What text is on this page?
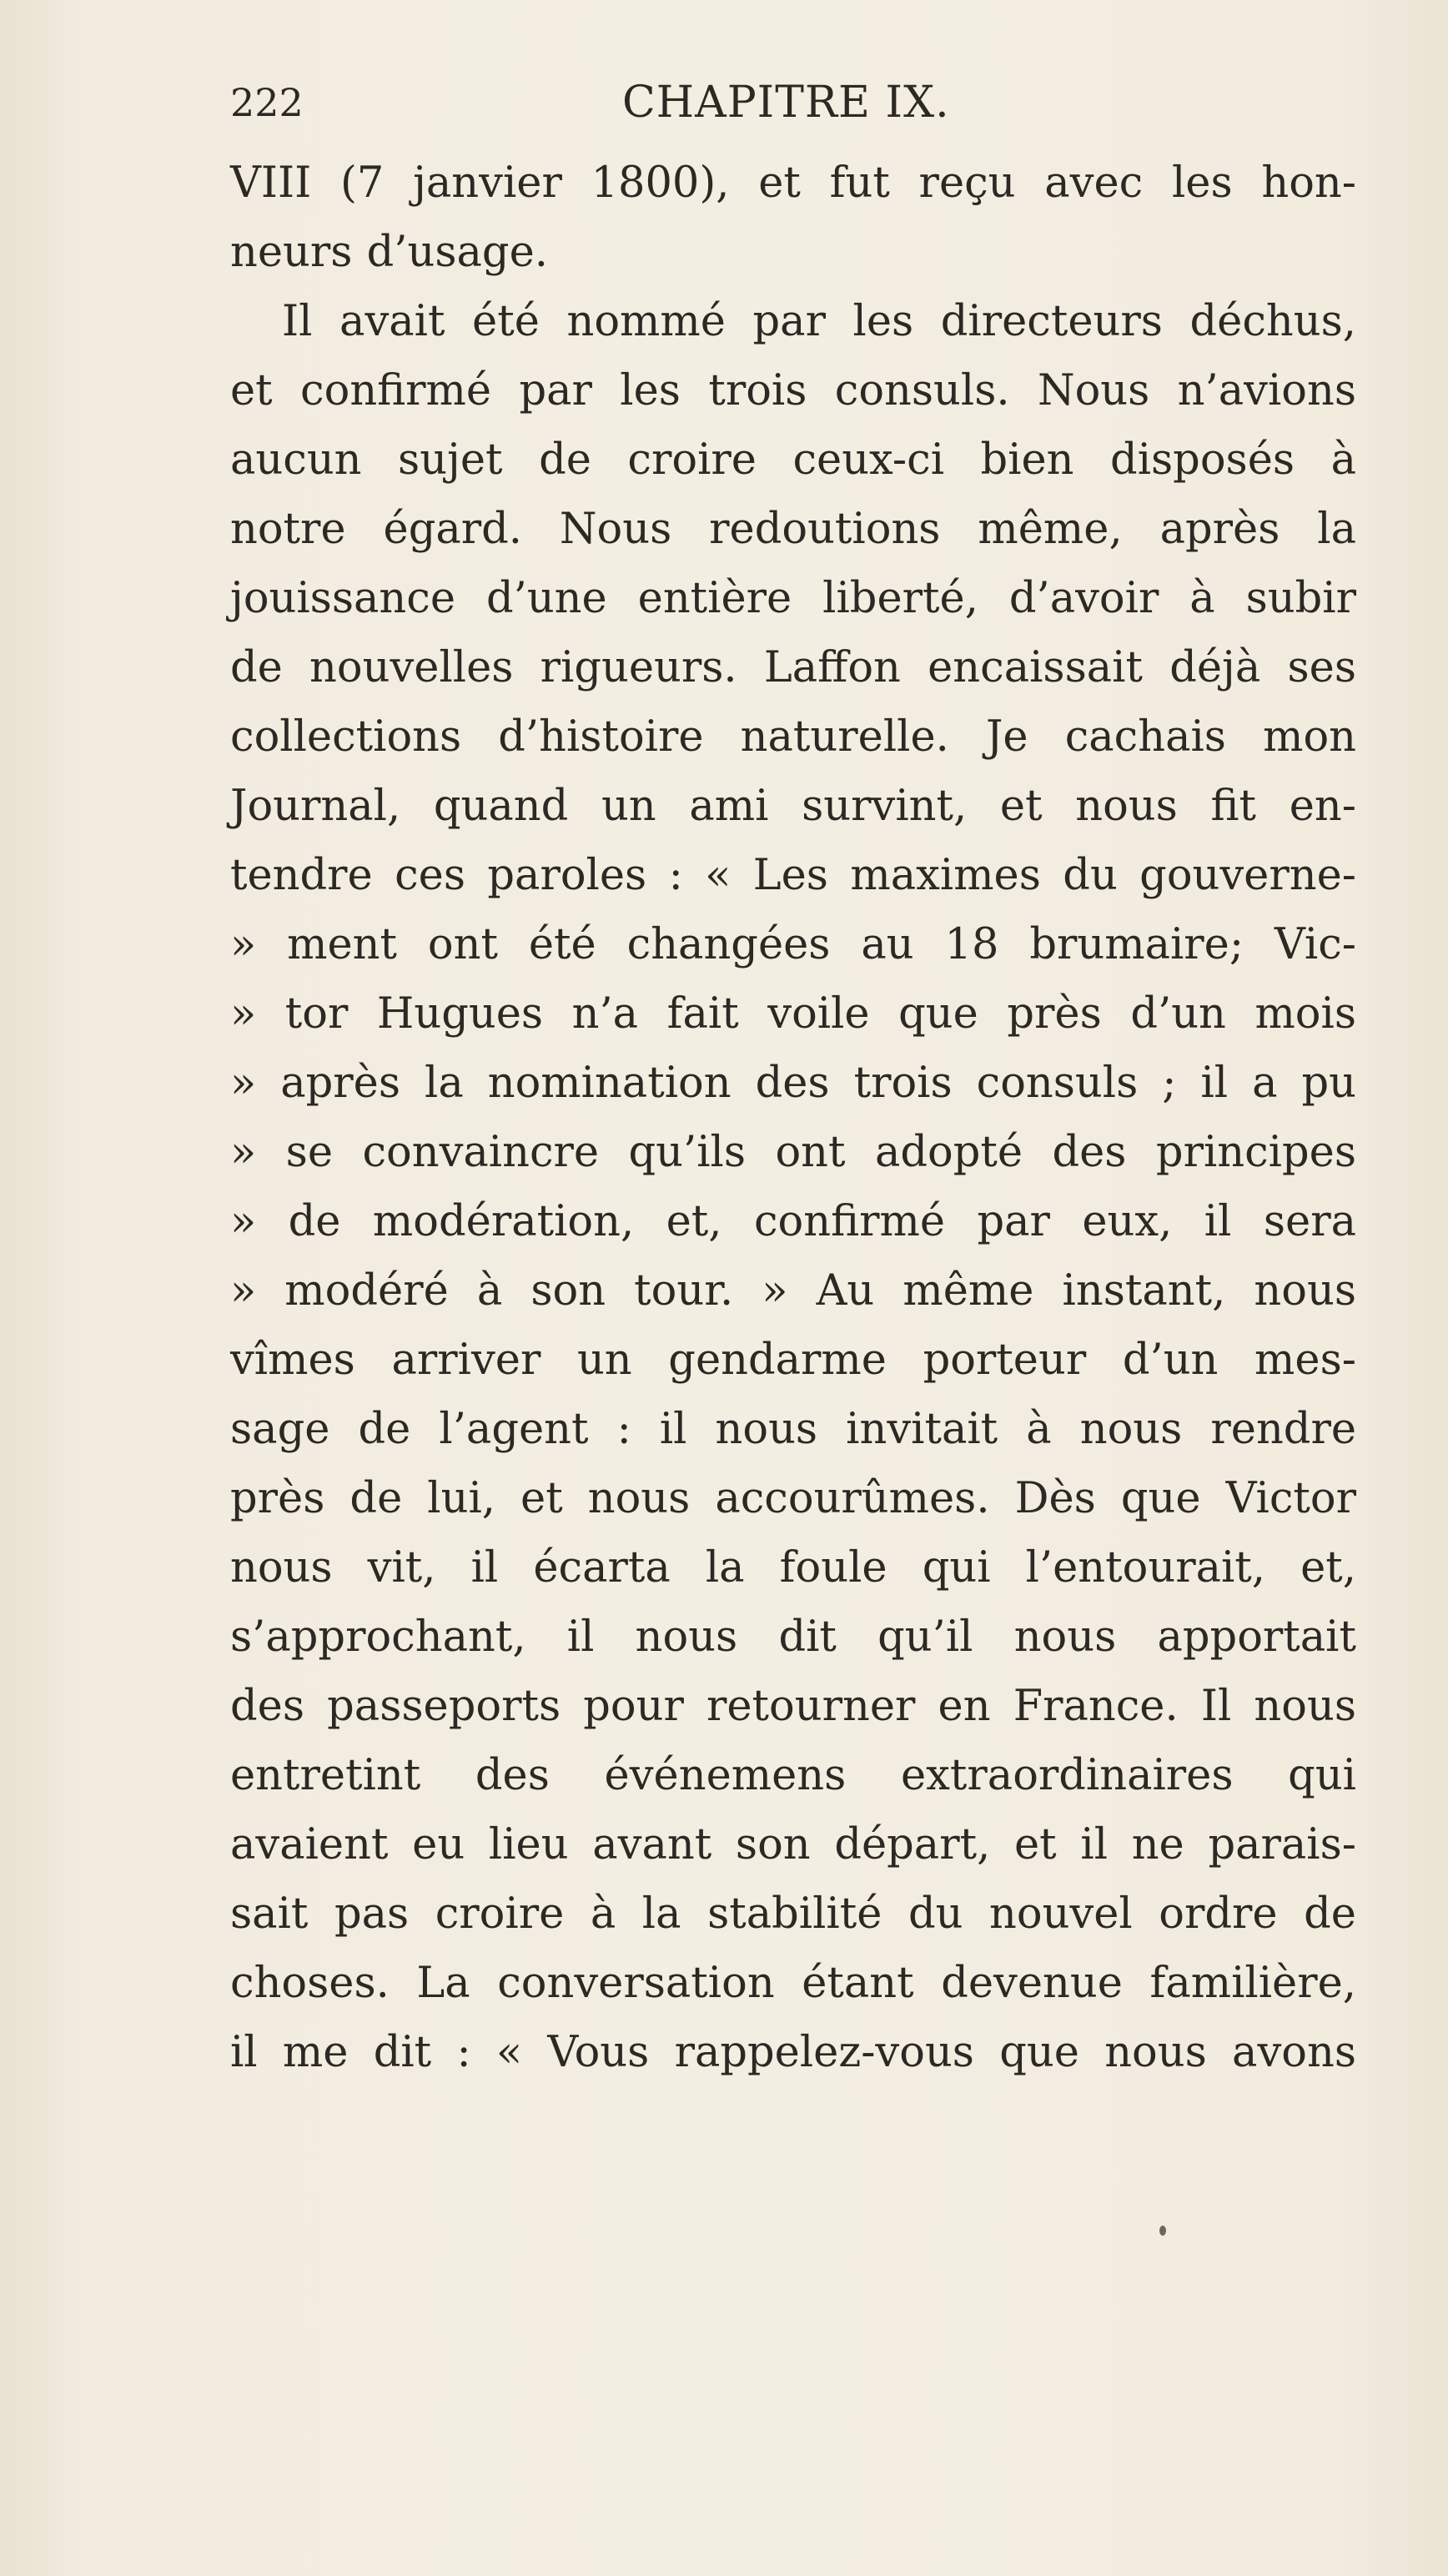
222	CHAPITRE IX.
VIII (7 janvier 1800), et fut reçu avec les hon-
neurs d’usage.
Il avait été nommé par les directeurs déchus,
et confirmé par les trois consuls. Nous n’avions
aucun sujet de croire ceux-ci bien disposés à
notre égard. Nous redoutions même, après la
jouissance d’une entière liberté, d’avoir à subir
de nouvelles rigueurs. Laffon encaissait déjà ses
collections d’histoire naturelle. Je cachais mon
Journal, quand un ami survint, et nous fit en-
tendre ces paroles : « Les maximes du gouverne-
» ment ont été changées au 18 brumaire; Vic-
» tor Hugues n’a fait voile que près d’un mois
» après la nomination des trois consuls ; il a pu
» se convaincre qu’ils ont adopté des principes
» de modération, et, confirmé par eux, il sera
» modéré à son tour. » Au même instant, nous
vîmes arriver un gendarme porteur d’un mes-
sage de l’agent : il nous invitait à nous rendre
près de lui, et nous accourûmes. Dès que Victor
nous vit, il écarta la foule qui l’entourait, et,
s’approchant, il nous dit qu’il nous apportait
des passeports pour retourner en France. Il nous
entretint des événemens extraordinaires qui
avaient eu lieu avant son départ, et il ne parais-
sait pas croire à la stabilité du nouvel ordre de
choses. La conversation étant devenue familière,
il me dit : « Vous rappelez-vous que nous avons
